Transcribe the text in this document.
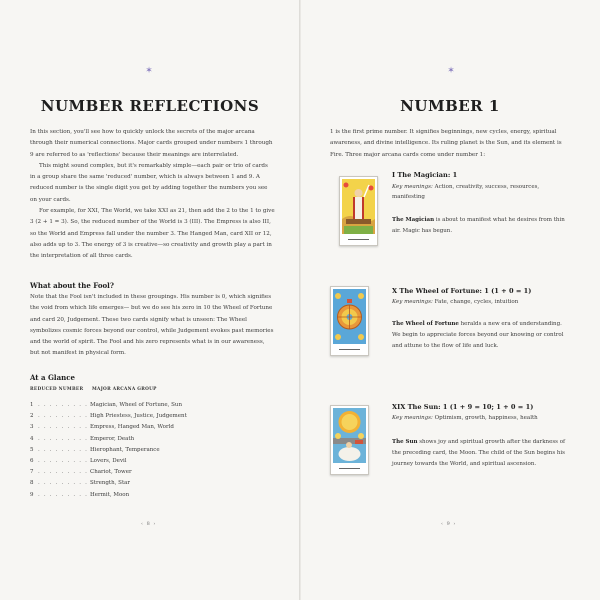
✶
NUMBER REFLECTIONS

In this section, you'll see how to quickly unlock the secrets of the major arcana through their numerical connections. Major cards grouped under numbers 1 through 9 are referred to as 'reflections' because their meanings are interrelated.

This might sound complex, but it's remarkably simple—each pair or trio of cards in a group share the same 'reduced' number, which is always between 1 and 9. A reduced number is the single digit you get by adding together the numbers you see on your cards.

For example, for XXI, The World, we take XXI as 21, then add the 2 to the 1 to give 3 (2 + 1 = 3). So, the reduced number of the World is 3 (III). The Empress is also III, so the World and Empress fall under the number 3. The Hanged Man, card XII or 12, also adds up to 3. The energy of 3 is creative—so creativity and growth play a part in the interpretation of all three cards.

What about the Fool?
Note that the Fool isn't included in these groupings. His number is 0, which signifies the void from which life emerges— but we do see his zero in 10 the Wheel of Fortune and card 20, Judgement. These two cards signify what is unseen: The Wheel symbolizes cosmic forces beyond our control, while Judgement evokes past memories and the world of spirit. The Fool and his zero represents what is in our awareness, but not manifest in physical form.
At a Glance
REDUCED NUMBER MAJOR ARCANA GROUP
1 . . . . . . . . . .Magician, Wheel of Fortune, Sun
2 . . . . . . . . . .High Priestess, Justice, Judgement
3 . . . . . . . . . .Empress, Hanged Man, World
4 . . . . . . . . . .Emperor, Death
5 . . . . . . . . . .Hierophant, Temperance
6 . . . . . . . . . .Lovers, Devil
7 . . . . . . . . . .Chariot, Tower
8 . . . . . . . . . .Strength, Star
9 . . . . . . . . . .Hermit, Moon
‹ 8 ›
✶
NUMBER 1
1 is the first prime number. It signifies beginnings, new cycles, energy, spiritual awareness, and divine intelligence. Its ruling planet is the Sun, and its element is Fire. Three major arcana cards come under number 1:
I The Magician: 1
Key meanings: Action, creativity, success, resources, manifesting
The Magician is about to manifest what he desires from thin air. Magic has begun.
X The Wheel of Fortune: 1 (1 + 0 = 1)
Key meanings: Fate, change, cycles, intuition
The Wheel of Fortune heralds a new era of understanding. We begin to appreciate forces beyond our knowing or control and attune to the flow of life and luck.
XIX The Sun: 1 (1 + 9 = 10; 1 + 0 = 1)
Key meanings: Optimism, growth, happiness, health
The Sun shows joy and spiritual growth after the darkness of the preceding card, the Moon. The child of the Sun begins his journey towards the World, and spiritual ascension.
‹ 9 ›
